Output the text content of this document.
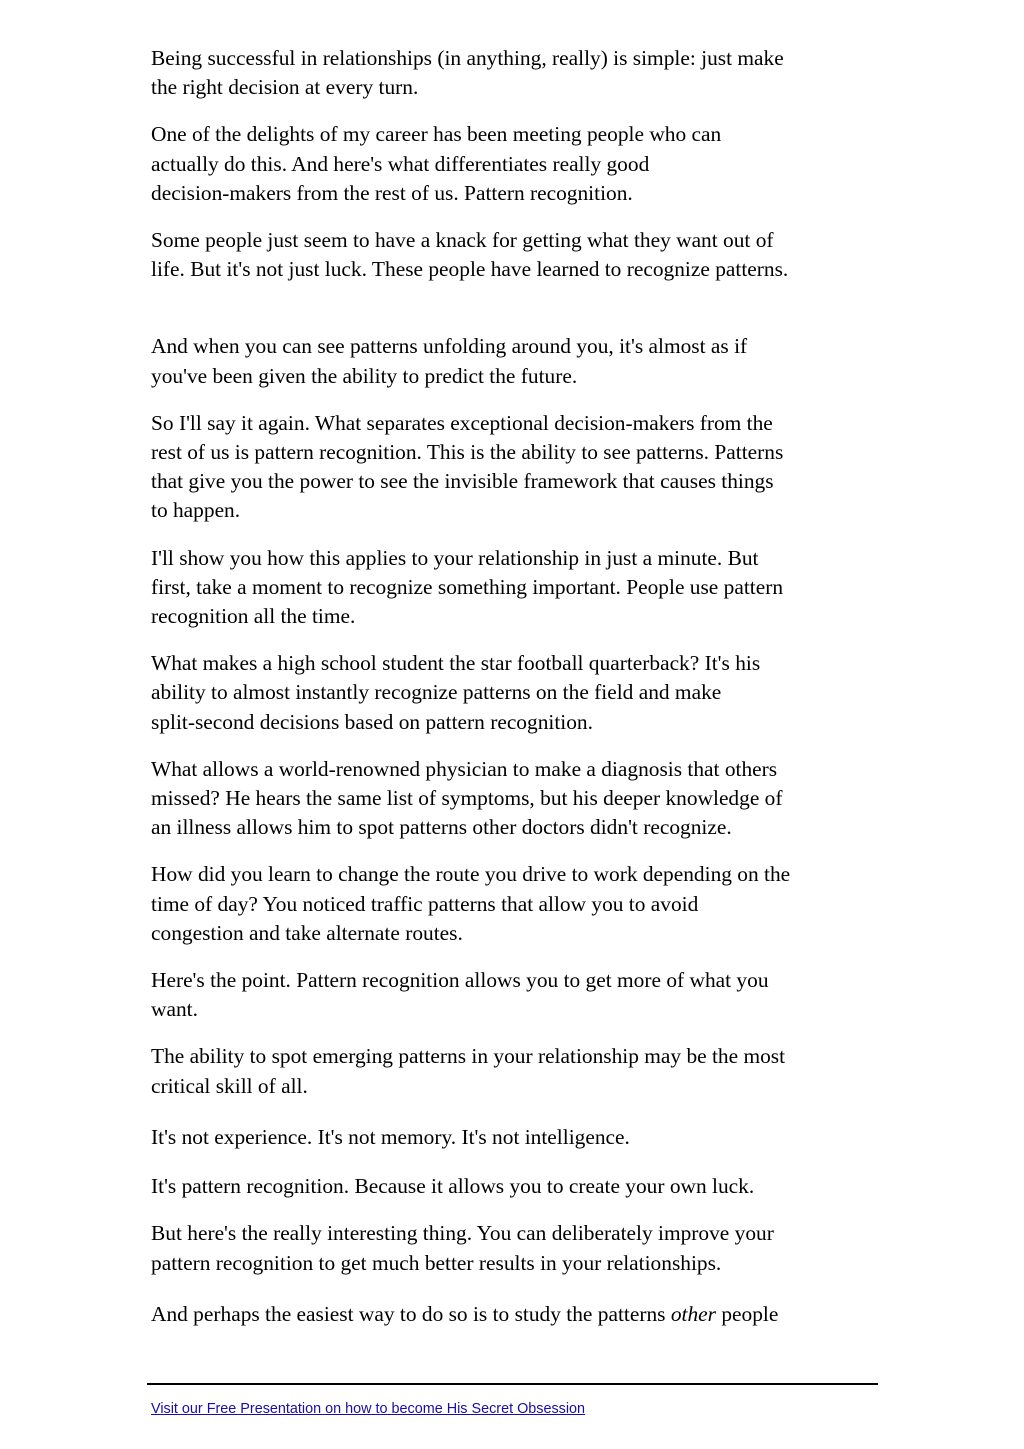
Being successful in relationships (in anything, really) is simple: just make
the right decision at every turn.

One of the delights of my career has been meeting people who can
actually do this. And here's what differentiates really good
decision-makers from the rest of us. Pattern recognition.

Some people just seem to have a knack for getting what they want out of
life. But it's not just luck. These people have learned to recognize patterns.

And when you can see patterns unfolding around you, it's almost as if
you've been given the ability to predict the future.

So I'll say it again. What separates exceptional decision-makers from the
rest of us is pattern recognition. This is the ability to see patterns. Patterns
that give you the power to see the invisible framework that causes things
to happen.

I'll show you how this applies to your relationship in just a minute. But
first, take a moment to recognize something important. People use pattern
recognition all the time.

What makes a high school student the star football quarterback? It's his
ability to almost instantly recognize patterns on the field and make
split-second decisions based on pattern recognition.

What allows a world-renowned physician to make a diagnosis that others
missed? He hears the same list of symptoms, but his deeper knowledge of
an illness allows him to spot patterns other doctors didn't recognize.

How did you learn to change the route you drive to work depending on the
time of day? You noticed traffic patterns that allow you to avoid
congestion and take alternate routes.

Here's the point. Pattern recognition allows you to get more of what you
want.

The ability to spot emerging patterns in your relationship may be the most
critical skill of all.

It's not experience. It's not memory. It's not intelligence.

It's pattern recognition. Because it allows you to create your own luck.

But here's the really interesting thing. You can deliberately improve your
pattern recognition to get much better results in your relationships.

And perhaps the easiest way to do so is to study the patterns other people

Visit our Free Presentation on how to become His Secret Obsession
